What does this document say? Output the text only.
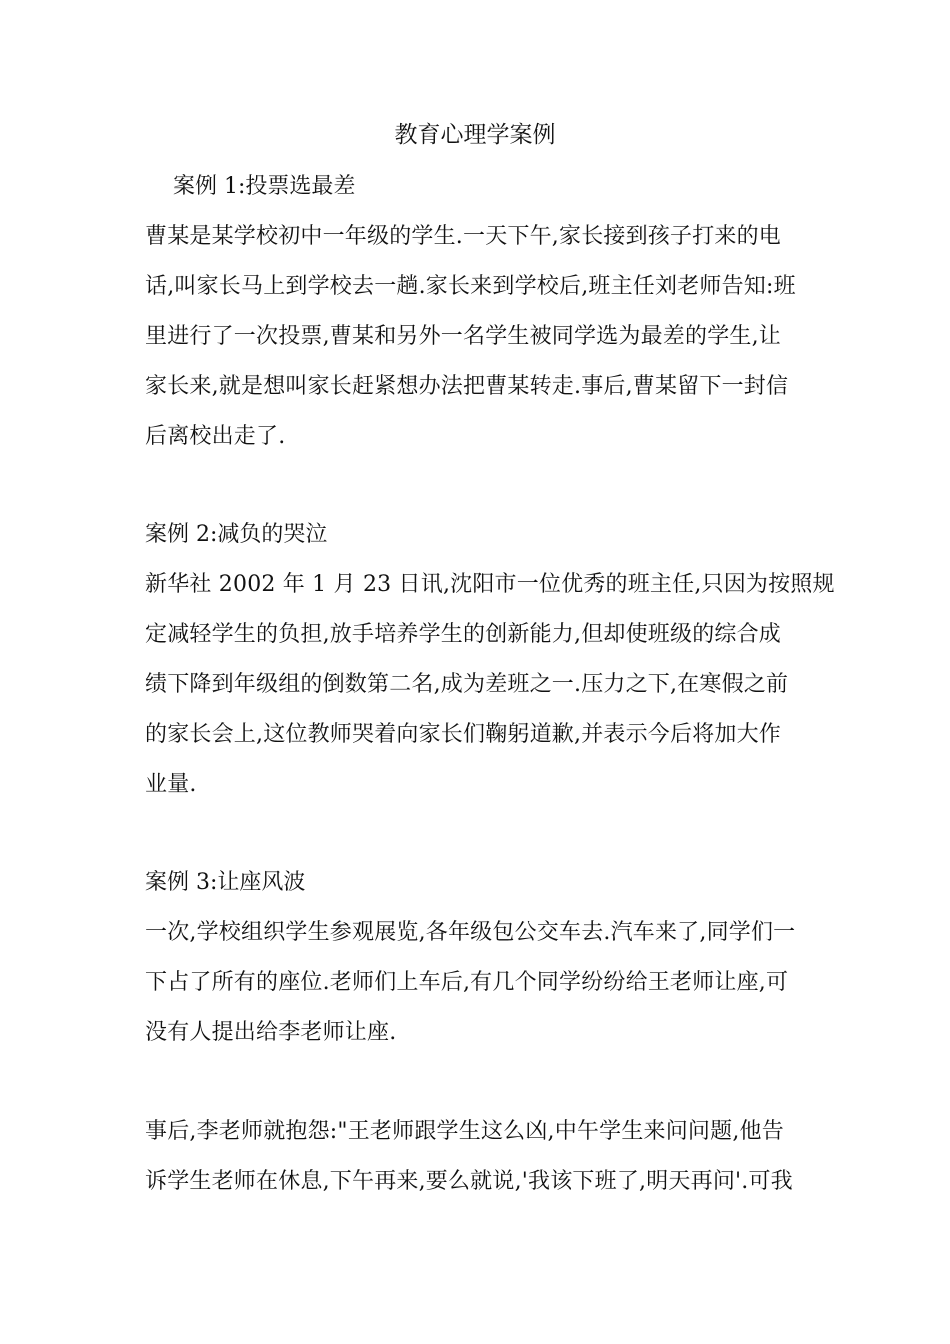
教育心理学案例
案例 1:投票选最差
曹某是某学校初中一年级的学生.一天下午,家长接到孩子打来的电
话,叫家长马上到学校去一趟.家长来到学校后,班主任刘老师告知:班
里进行了一次投票,曹某和另外一名学生被同学选为最差的学生,让
家长来,就是想叫家长赶紧想办法把曹某转走.事后,曹某留下一封信
后离校出走了.
案例 2:减负的哭泣
新华社 2002 年 1 月 23 日讯,沈阳市一位优秀的班主任,只因为按照规
定减轻学生的负担,放手培养学生的创新能力,但却使班级的综合成
绩下降到年级组的倒数第二名,成为差班之一.压力之下,在寒假之前
的家长会上,这位教师哭着向家长们鞠躬道歉,并表示今后将加大作
业量.
案例 3:让座风波
一次,学校组织学生参观展览,各年级包公交车去.汽车来了,同学们一
下占了所有的座位.老师们上车后,有几个同学纷纷给王老师让座,可
没有人提出给李老师让座.
事后,李老师就抱怨:"王老师跟学生这么凶,中午学生来问问题,他告
诉学生老师在休息,下午再来,要么就说,'我该下班了,明天再问'.可我
